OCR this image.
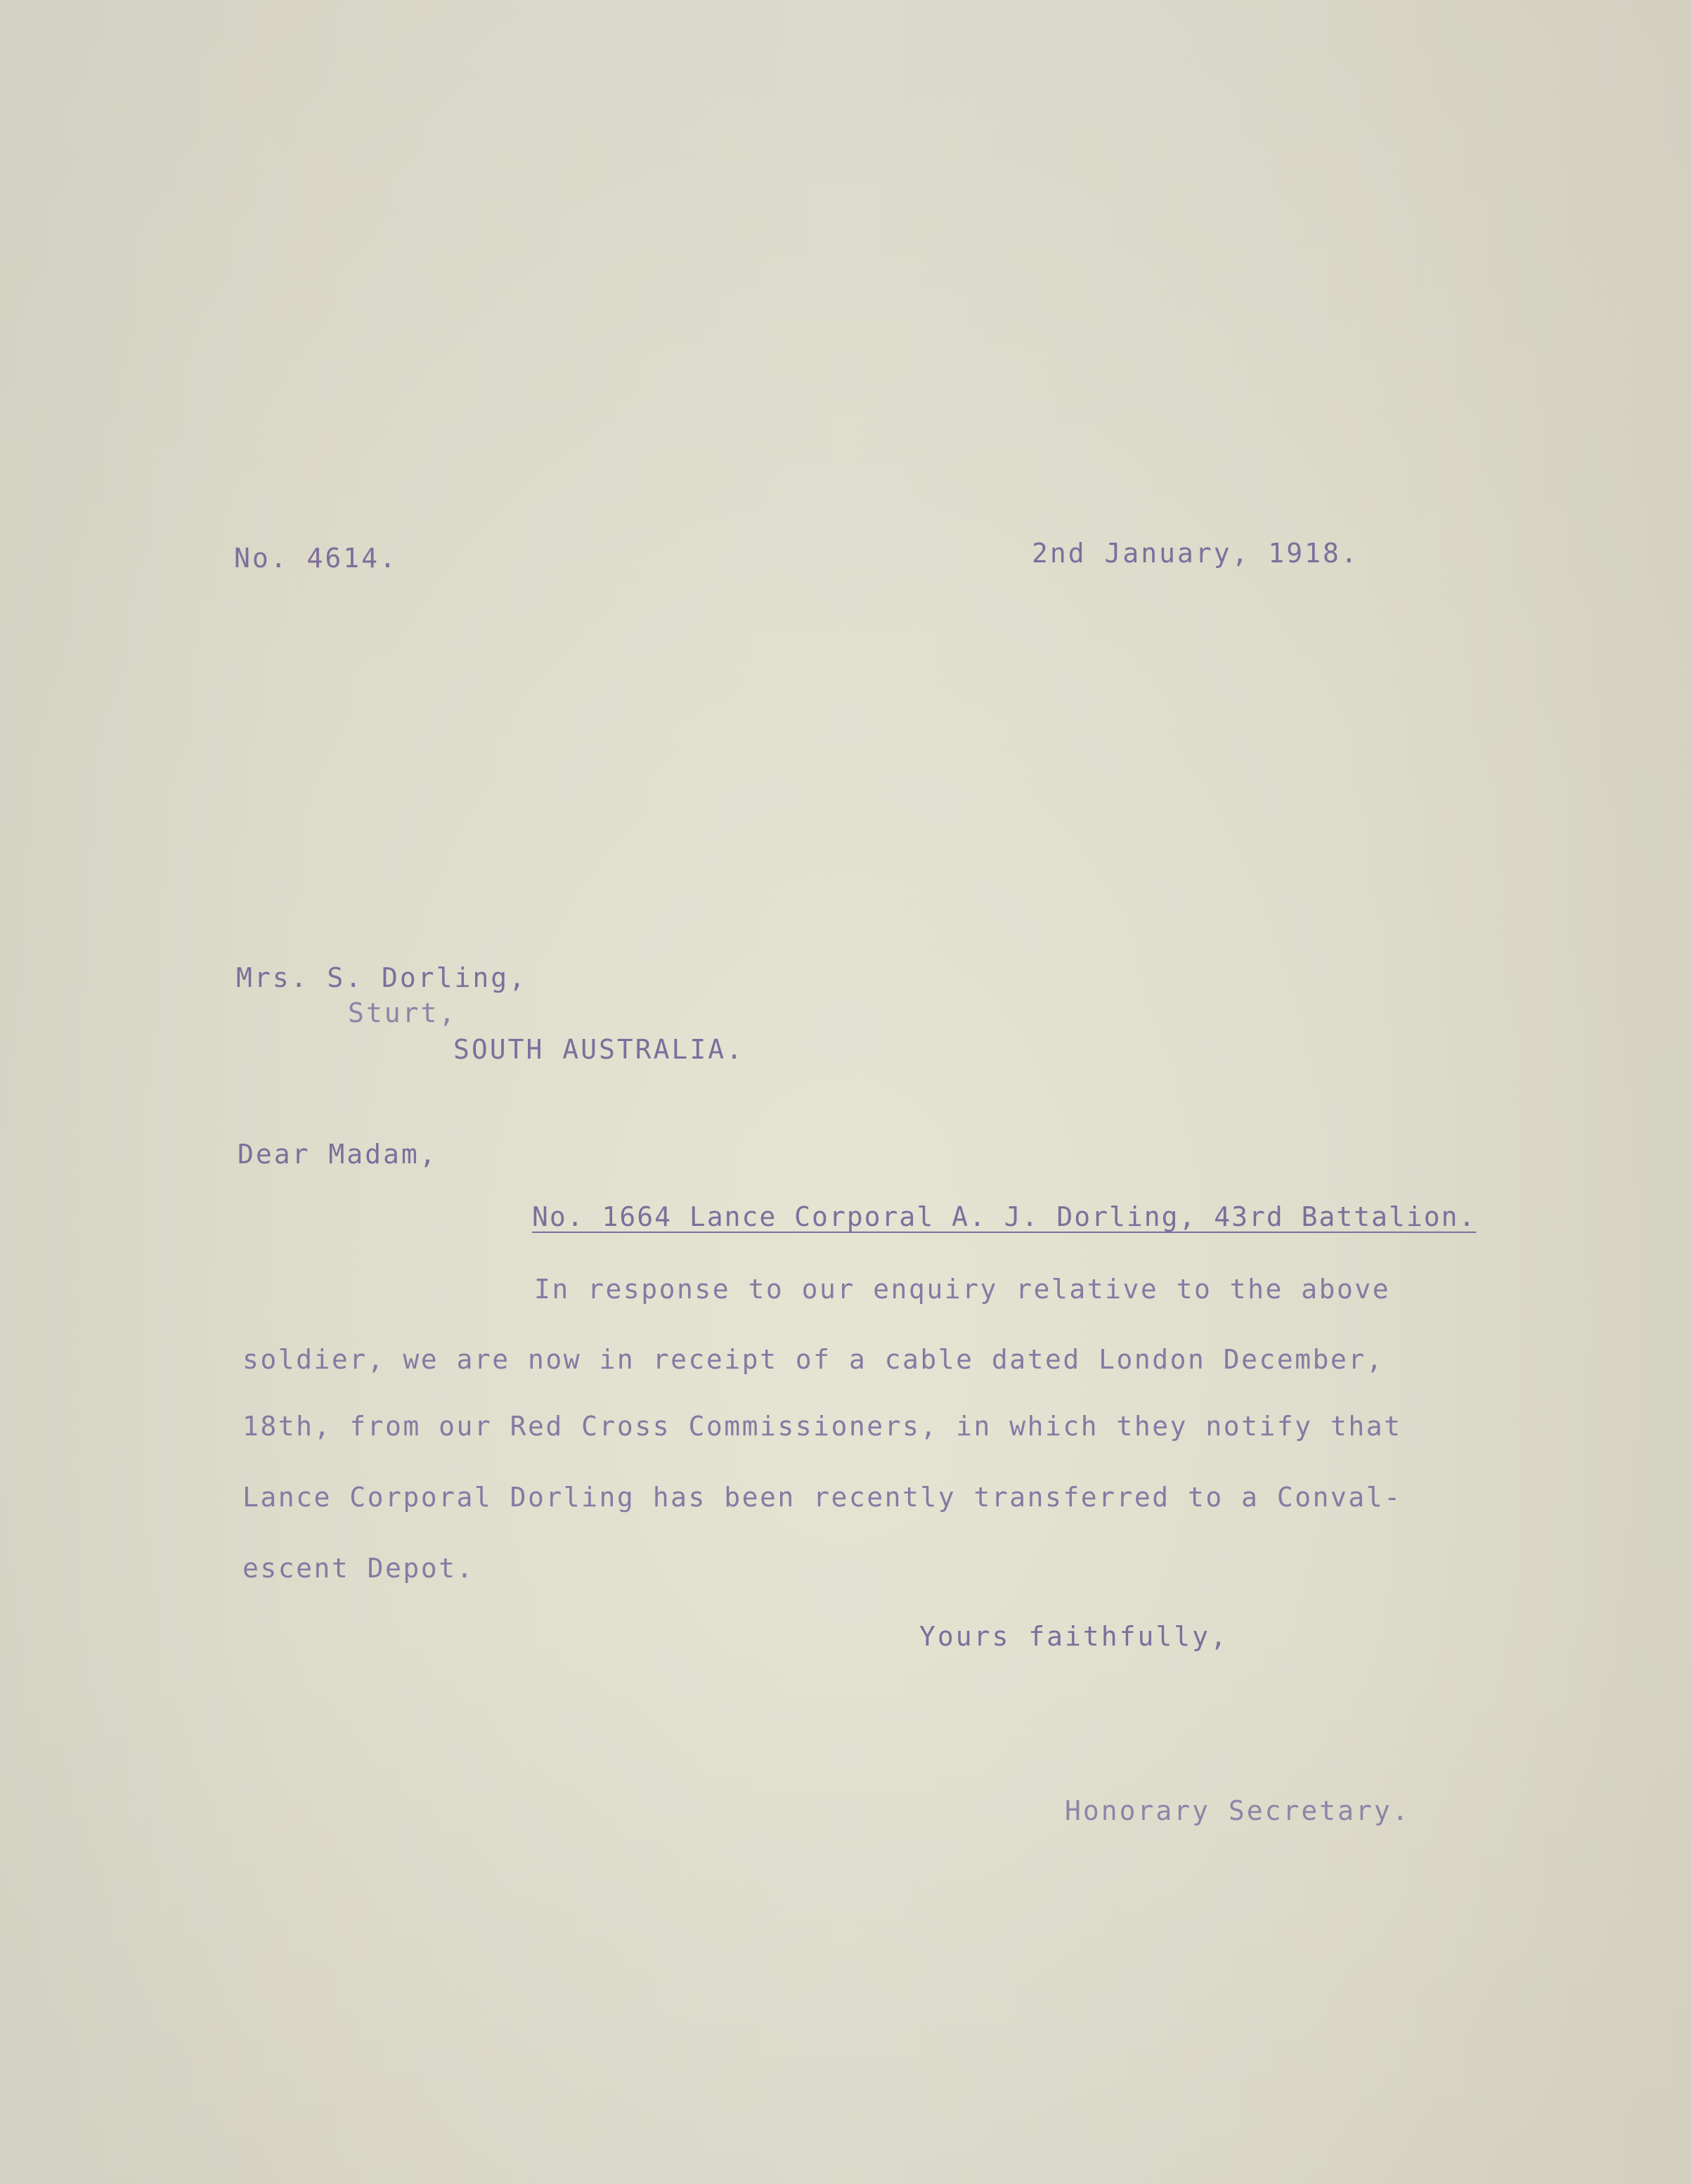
No. 4614.	2nd January, 1918.
Mrs. S. Dorling,
Sturt,
SOUTH AUSTRALIA.
Dear Madam,
No. 1664 Lance Corporal A. J. Dorling, 43rd Battalion.
In response to our enquiry relative to the above
soldier, we are now in receipt of a cable dated London December,
18th, from our Red Cross Commissioners, in which they notify that
Lance Corporal Dorling has been recently transferred to a Conval-
escent Depot.
Yours faithfully,
Honorary Secretary.
